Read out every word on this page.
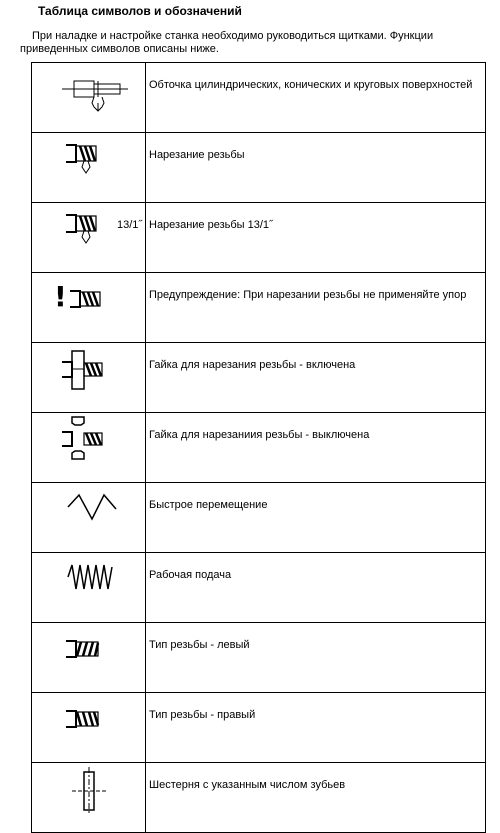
Таблица символов и обозначений
При наладке и настройке станка необходимо руководиться щитками. Функции приведенных символов описаны ниже.
	Обточка цилиндрических, конических и круговых поверхностей

	Нарезание резьбы

13/1˝	Нарезание резьбы 13/1˝

!	Предупреждение: При нарезании резьбы не применяйте упор

	Гайка для нарезания резьбы - включена

	Гайка для нарезаниия резьбы - выключена

	Быстрое перемещение

	Рабочая подача

	Тип резьбы - левый

	Тип резьбы - правый

	Шестерня с указанным числом зубьев
